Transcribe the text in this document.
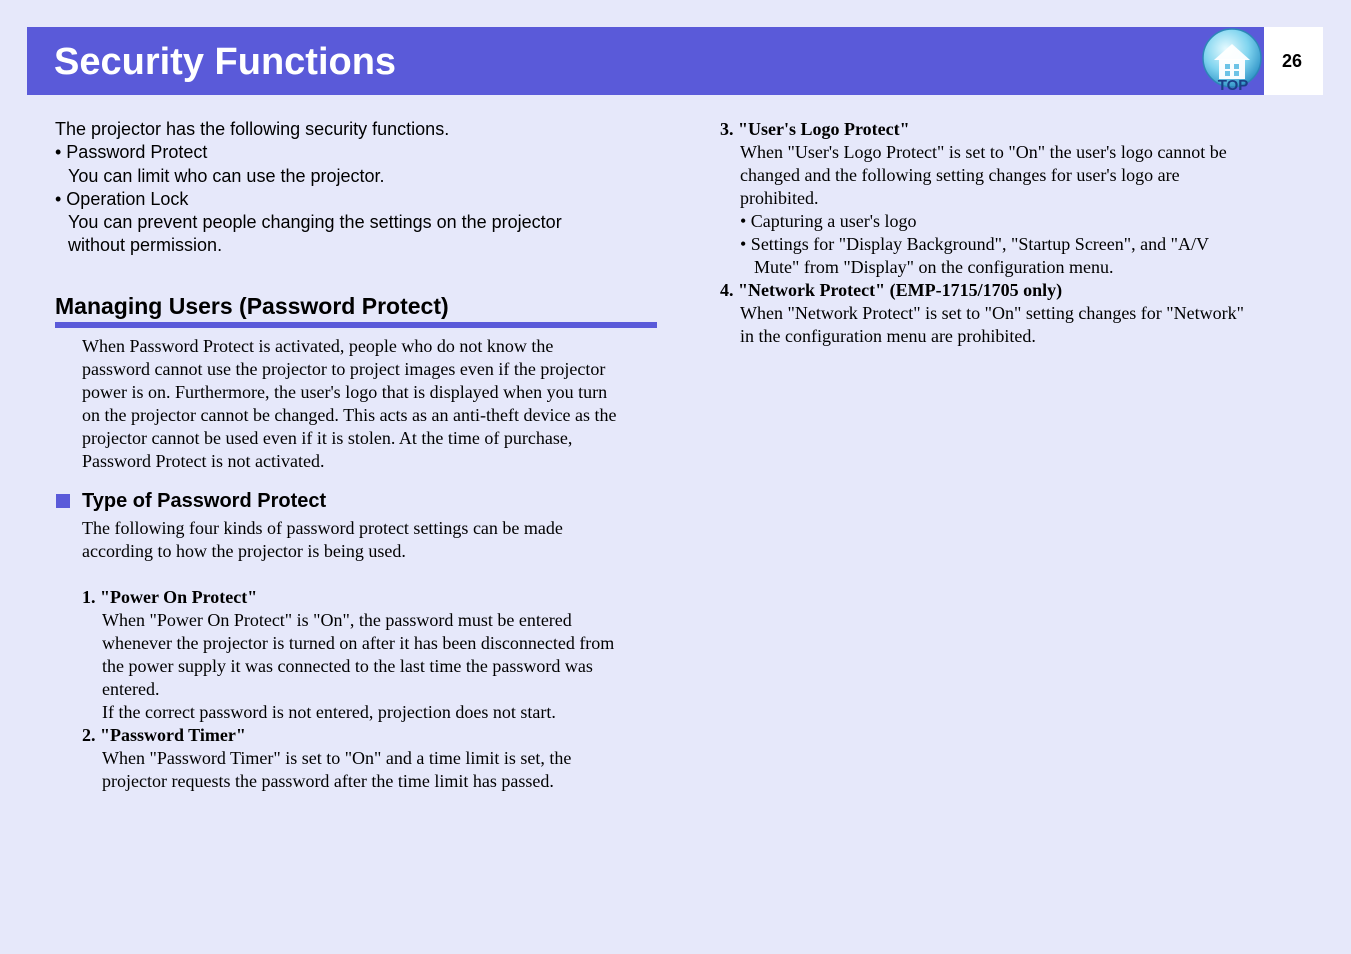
Security Functions	26
TOP
The projector has the following security functions.
• Password Protect
You can limit who can use the projector.
• Operation Lock
You can prevent people changing the settings on the projector
without permission.
Managing Users (Password Protect)
When Password Protect is activated, people who do not know the
password cannot use the projector to project images even if the projector
power is on. Furthermore, the user's logo that is displayed when you turn
on the projector cannot be changed. This acts as an anti-theft device as the
projector cannot be used even if it is stolen. At the time of purchase,
Password Protect is not activated.
Type of Password Protect
The following four kinds of password protect settings can be made
according to how the projector is being used.
1. "Power On Protect"
When "Power On Protect" is "On", the password must be entered
whenever the projector is turned on after it has been disconnected from
the power supply it was connected to the last time the password was
entered.
If the correct password is not entered, projection does not start.
2. "Password Timer"
When "Password Timer" is set to "On" and a time limit is set, the
projector requests the password after the time limit has passed.
3. "User's Logo Protect"
When "User's Logo Protect" is set to "On" the user's logo cannot be
changed and the following setting changes for user's logo are
prohibited.
• Capturing a user's logo
• Settings for "Display Background", "Startup Screen", and "A/V
Mute" from "Display" on the configuration menu.
4. "Network Protect" (EMP-1715/1705 only)
When "Network Protect" is set to "On" setting changes for "Network"
in the configuration menu are prohibited.
